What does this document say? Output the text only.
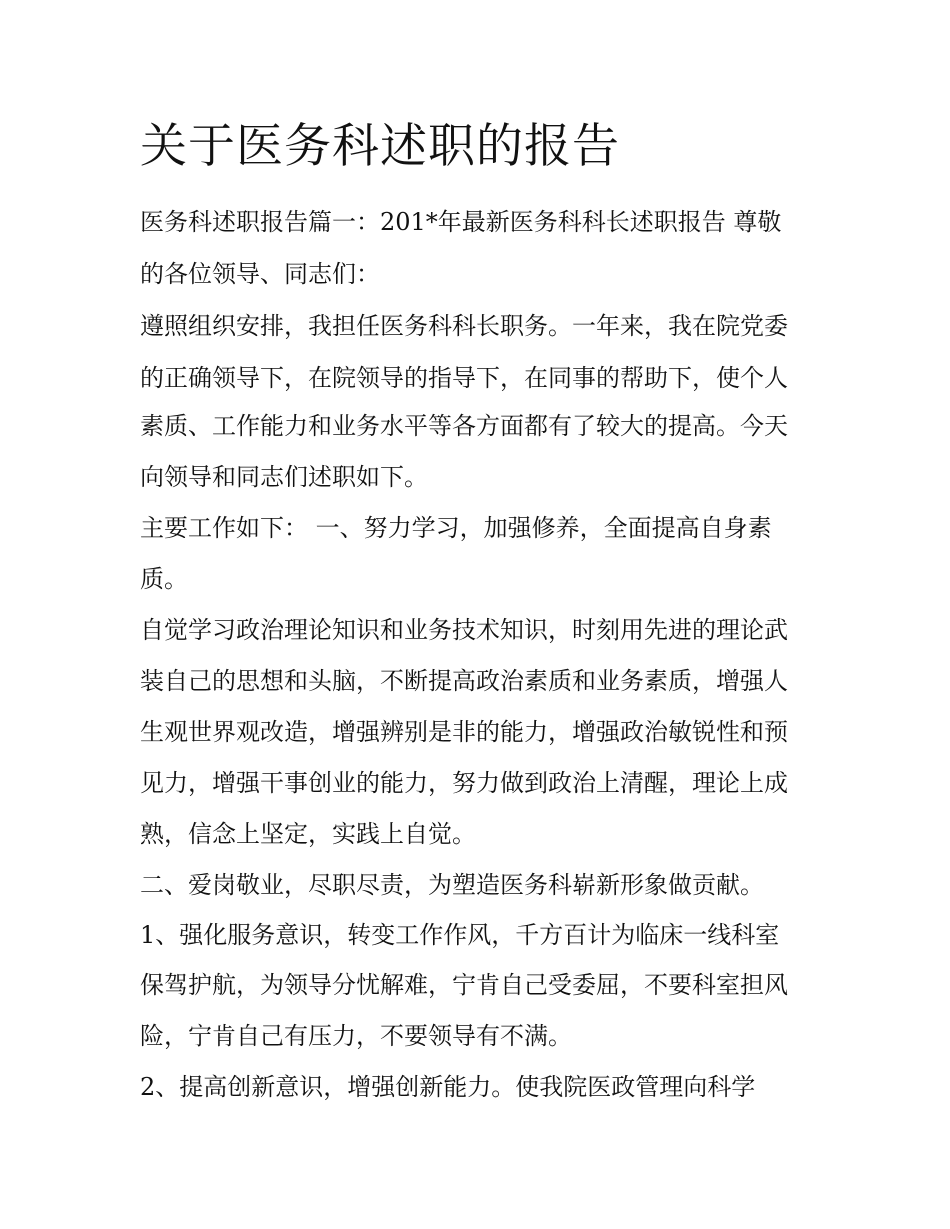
关于医务科述职的报告
医务科述职报告篇一：201*年最新医务科科长述职报告 尊敬
的各位领导、同志们：
遵照组织安排，我担任医务科科长职务。一年来，我在院党委
的正确领导下，在院领导的指导下，在同事的帮助下，使个人
素质、工作能力和业务水平等各方面都有了较大的提高。今天
向领导和同志们述职如下。
主要工作如下： 一、努力学习，加强修养，全面提高自身素
质。
自觉学习政治理论知识和业务技术知识，时刻用先进的理论武
装自己的思想和头脑，不断提高政治素质和业务素质，增强人
生观世界观改造，增强辨别是非的能力，增强政治敏锐性和预
见力，增强干事创业的能力，努力做到政治上清醒，理论上成
熟，信念上坚定，实践上自觉。
二、爱岗敬业，尽职尽责，为塑造医务科崭新形象做贡献。
1、强化服务意识，转变工作作风，千方百计为临床一线科室
保驾护航，为领导分忧解难，宁肯自己受委屈，不要科室担风
险，宁肯自己有压力，不要领导有不满。
2、提高创新意识，增强创新能力。使我院医政管理向科学
